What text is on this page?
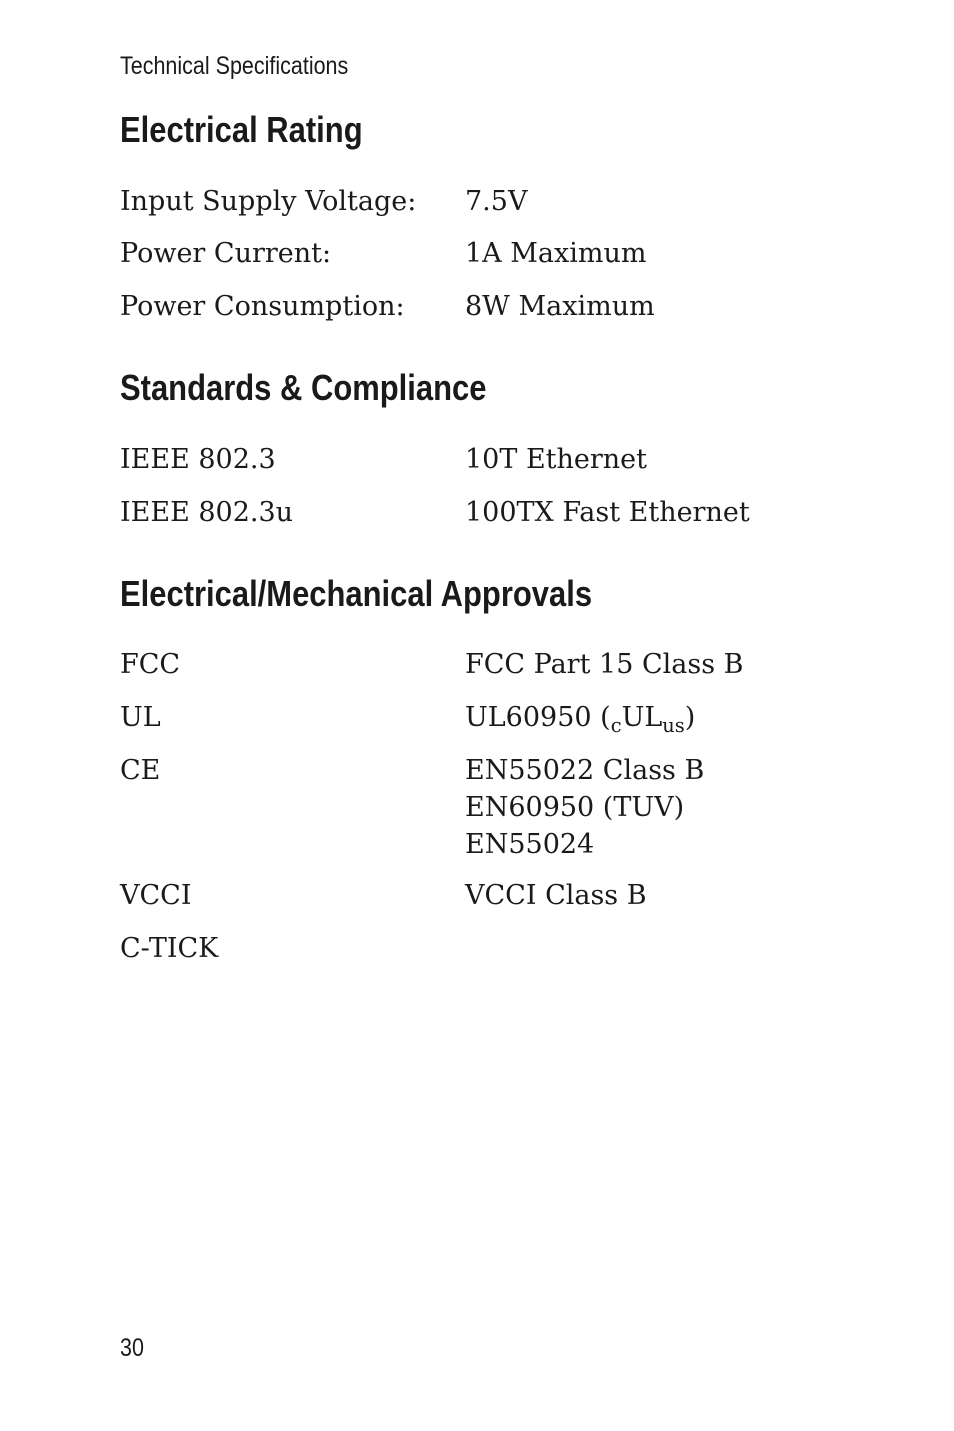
Technical Specifications
Electrical Rating
Input Supply Voltage: 7.5V
Power Current:	1A Maximum
Power Consumption: 8W Maximum
Standards & Compliance
IEEE 802.3	10T Ethernet
IEEE 802.3u	100TX Fast Ethernet
Electrical/Mechanical Approvals
FCC	FCC Part 15 Class B
UL	UL60950 $(_cUL_{us})$
CE	EN55022 Class B
EN60950 (TUV)
EN55024
VCCI	VCCI Class B
C-TICK
30
